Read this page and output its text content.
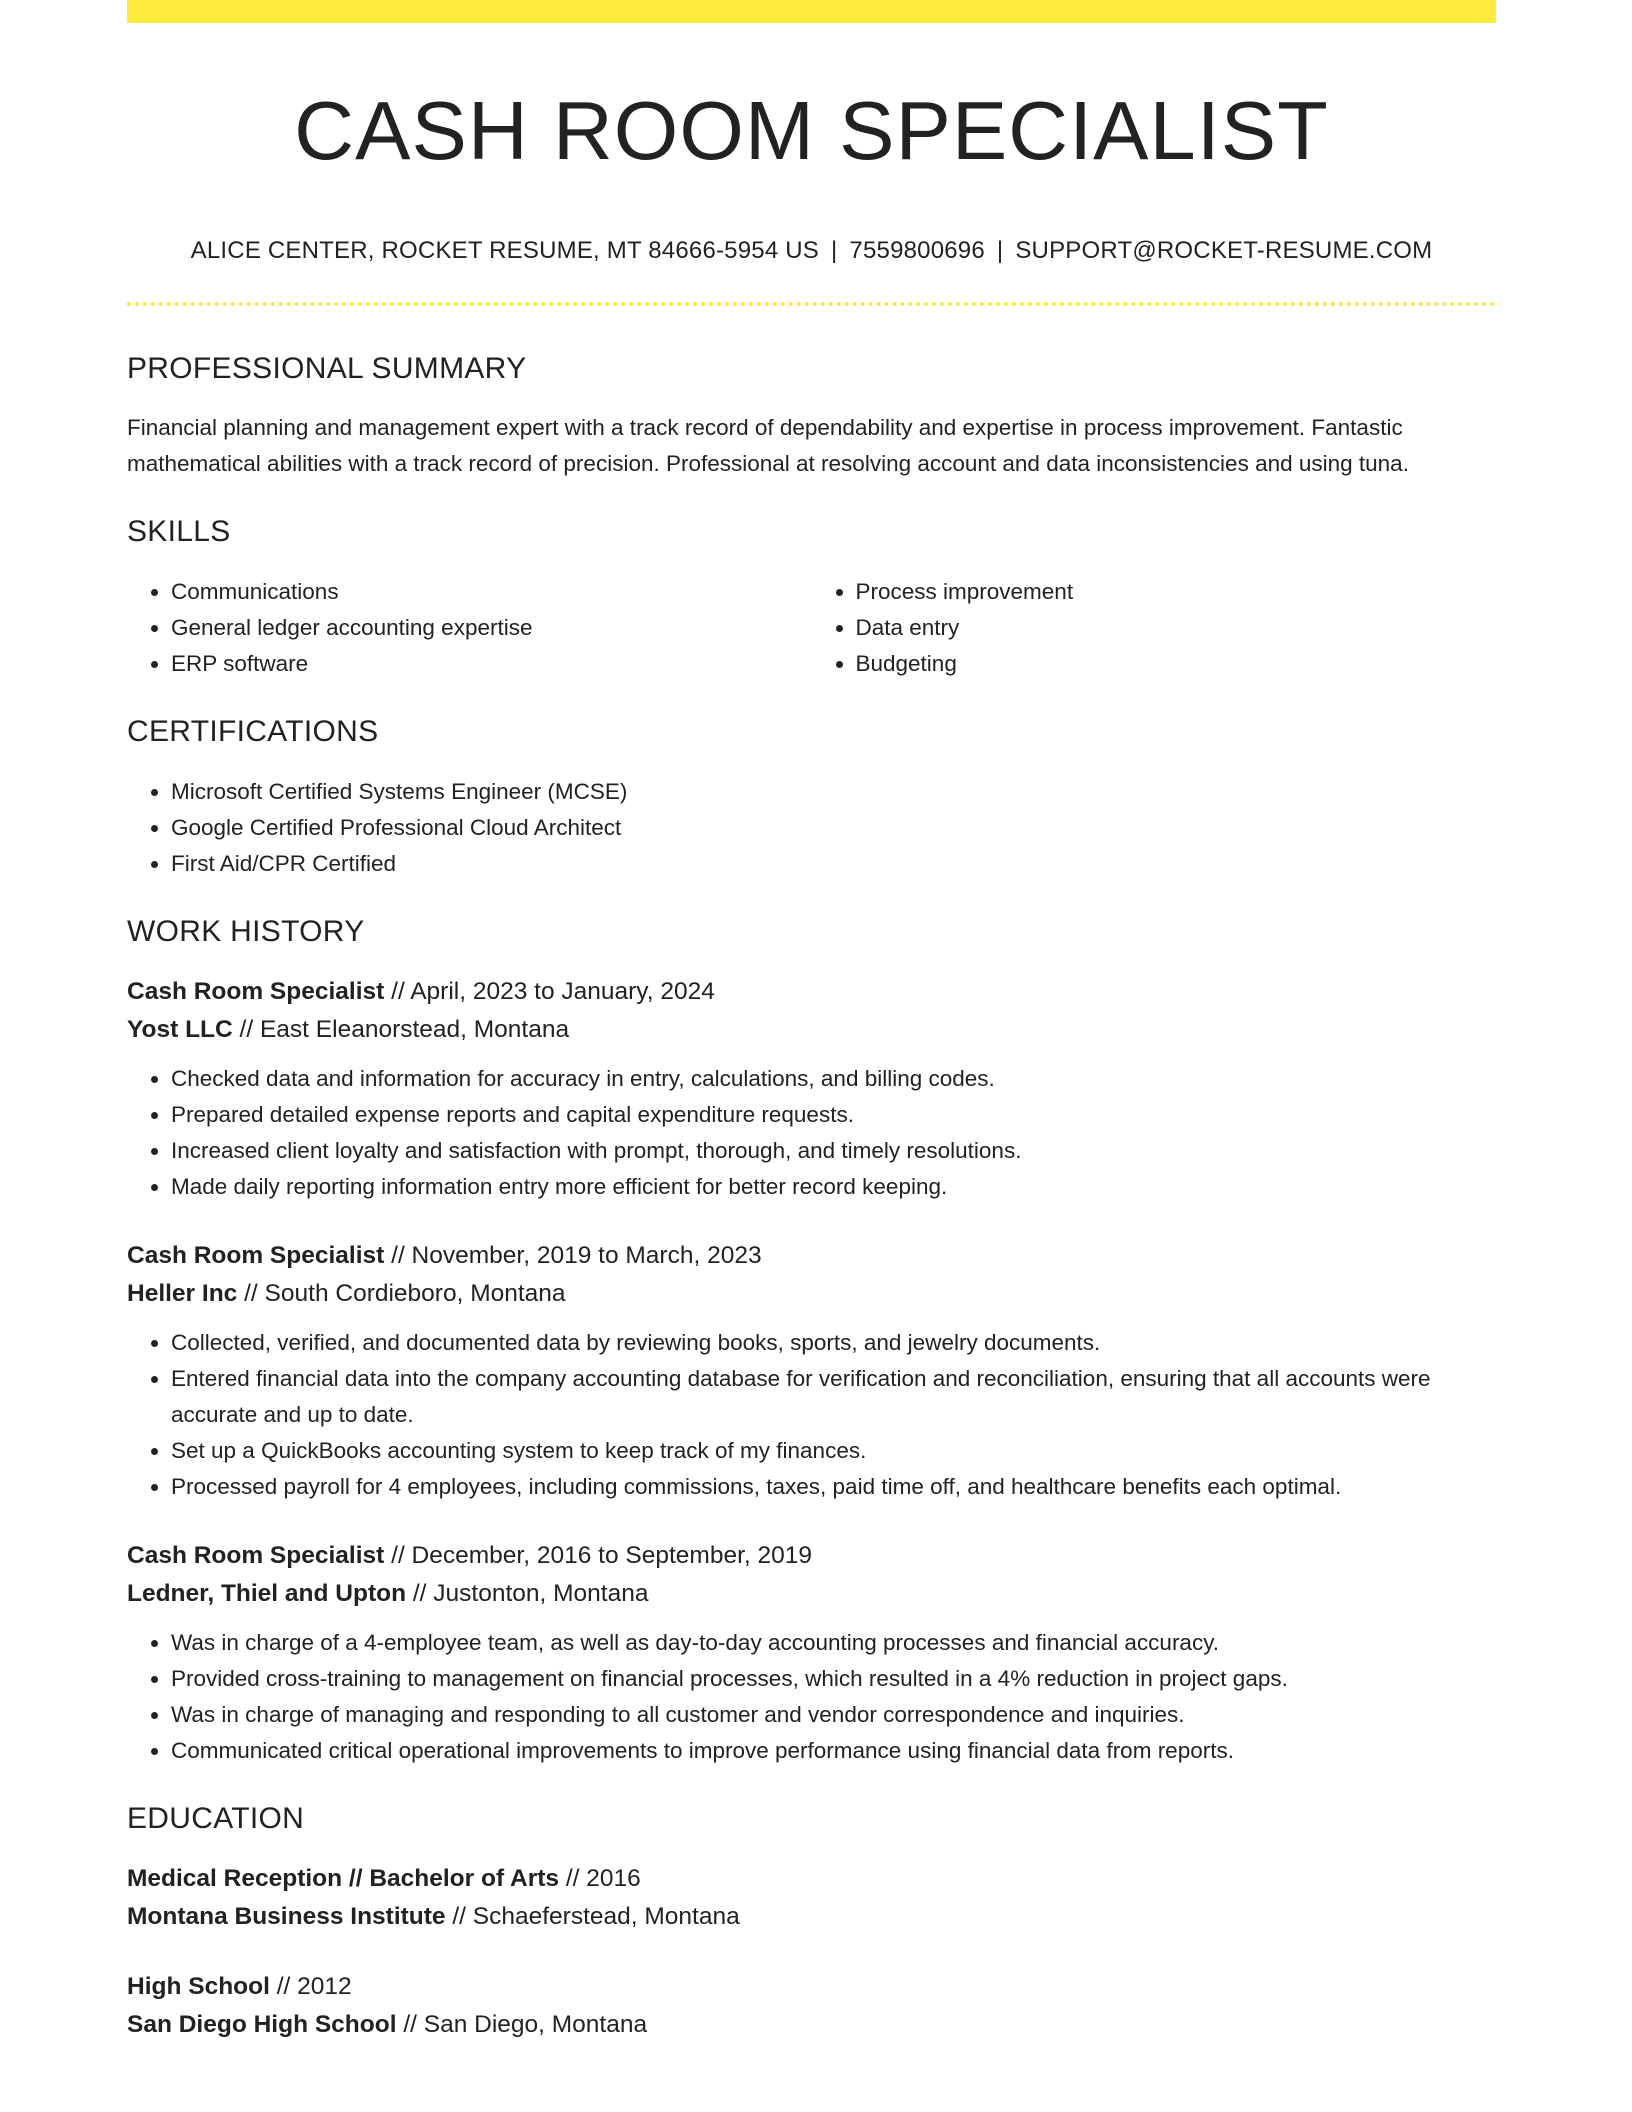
CASH ROOM SPECIALIST
ALICE CENTER, ROCKET RESUME, MT 84666-5954 US | 7559800696 | SUPPORT@ROCKET-RESUME.COM
PROFESSIONAL SUMMARY

Financial planning and management expert with a track record of dependability and expertise in process improvement. Fantastic mathematical abilities with a track record of precision. Professional at resolving account and data inconsistencies and using tuna.

SKILLS
• Communications
• General ledger accounting expertise
• ERP software
• Process improvement
• Data entry
• Budgeting
CERTIFICATIONS
• Microsoft Certified Systems Engineer (MCSE)
• Google Certified Professional Cloud Architect
• First Aid/CPR Certified
WORK HISTORY

Cash Room Specialist // April, 2023 to January, 2024

Yost LLC // East Eleanorstead, Montana

• Checked data and information for accuracy in entry, calculations, and billing codes.
• Prepared detailed expense reports and capital expenditure requests.
• Increased client loyalty and satisfaction with prompt, thorough, and timely resolutions.
• Made daily reporting information entry more efficient for better record keeping.

Cash Room Specialist // November, 2019 to March, 2023

Heller Inc // South Cordieboro, Montana

• Collected, verified, and documented data by reviewing books, sports, and jewelry documents.
• Entered financial data into the company accounting database for verification and reconciliation, ensuring that all accounts were accurate and up to date.
• Set up a QuickBooks accounting system to keep track of my finances.
• Processed payroll for 4 employees, including commissions, taxes, paid time off, and healthcare benefits each optimal.

Cash Room Specialist // December, 2016 to September, 2019

Ledner, Thiel and Upton // Justonton, Montana

• Was in charge of a 4-employee team, as well as day-to-day accounting processes and financial accuracy.
• Provided cross-training to management on financial processes, which resulted in a 4% reduction in project gaps.
• Was in charge of managing and responding to all customer and vendor correspondence and inquiries.
• Communicated critical operational improvements to improve performance using financial data from reports.
EDUCATION

Medical Reception // Bachelor of Arts // 2016

Montana Business Institute // Schaeferstead, Montana

High School // 2012

San Diego High School // San Diego, Montana
